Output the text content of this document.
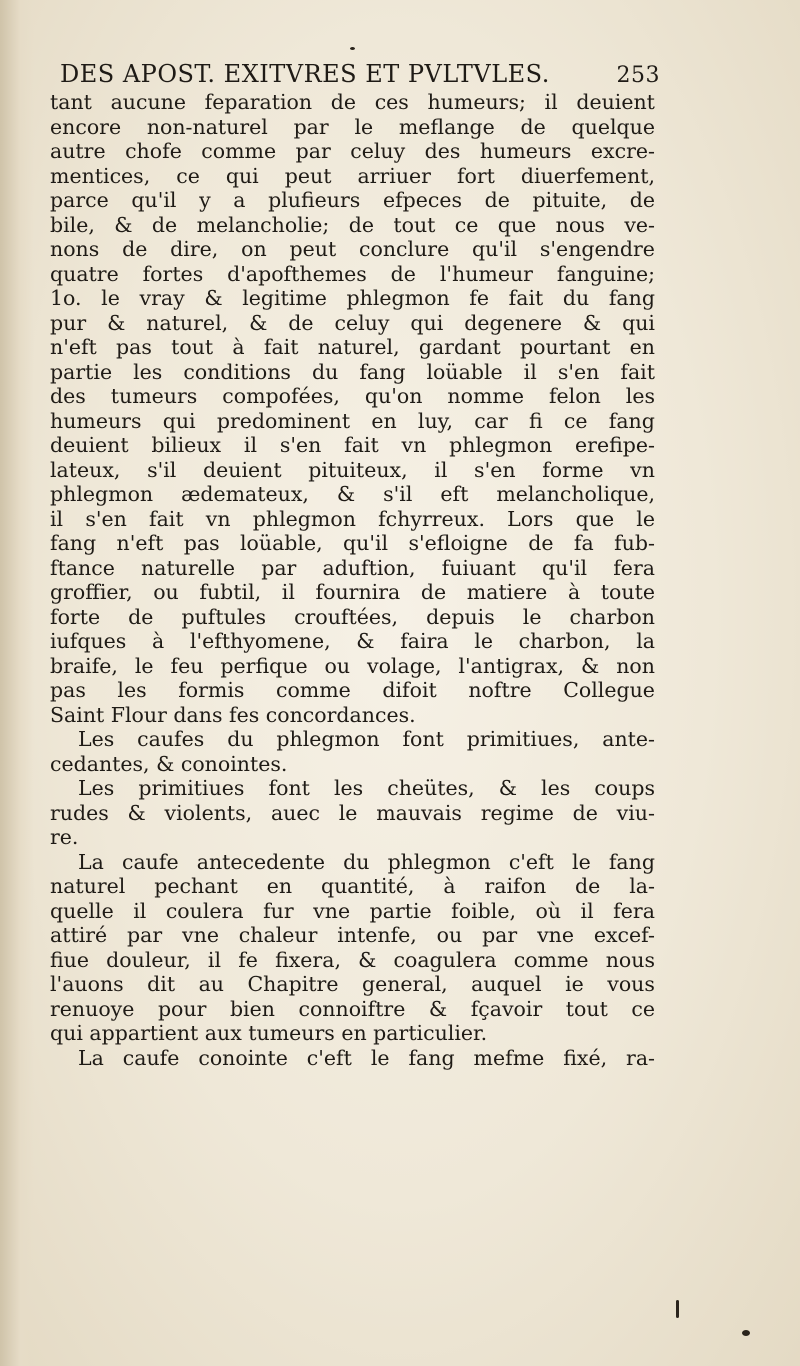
DES APOST. EXITVRES ET PVLTVLES.	253
tant aucune feparation de ces humeurs; il deuient
encore non-naturel par le meflange de quelque
autre chofe comme par celuy des humeurs excre-
mentices, ce qui peut arriuer fort diuerfement,
parce qu'il y a plufieurs efpeces de pituite, de
bile, & de melancholie; de tout ce que nous ve-
nons de dire, on peut conclure qu'il s'engendre
quatre fortes d'apofthemes de l'humeur fanguine;
1o. le vray & legitime phlegmon fe fait du fang
pur & naturel, & de celuy qui degenere & qui
n'eft pas tout à fait naturel, gardant pourtant en
partie les conditions du fang loüable il s'en fait
des tumeurs compofées, qu'on nomme felon les
humeurs qui predominent en luy, car fi ce fang
deuient bilieux il s'en fait vn phlegmon erefipe-
lateux, s'il deuient pituiteux, il s'en forme vn
phlegmon ædemateux, & s'il eft melancholique,
il s'en fait vn phlegmon fchyrreux. Lors que le
fang n'eft pas loüable, qu'il s'efloigne de fa fub-
ftance naturelle par aduftion, fuiuant qu'il fera
groffier, ou fubtil, il fournira de matiere à toute
forte de puftules crouftées, depuis le charbon
iufques à l'efthyomene, & faira le charbon, la
braife, le feu perfique ou volage, l'antigrax, & non
pas les formis comme difoit noftre Collegue
Saint Flour dans fes concordances.
Les caufes du phlegmon font primitiues, ante-
cedantes, & conointes.
Les primitiues font les cheütes, & les coups
rudes & violents, auec le mauvais regime de viu-
re.
La caufe antecedente du phlegmon c'eft le fang
naturel pechant en quantité, à raifon de la-
quelle il coulera fur vne partie foible, où il fera
attiré par vne chaleur intenfe, ou par vne excef-
fiue douleur, il fe fixera, & coagulera comme nous
l'auons dit au Chapitre general, auquel ie vous
renuoye pour bien connoiftre & fçavoir tout ce
qui appartient aux tumeurs en particulier.
La caufe conointe c'eft le fang mefme fixé, ra-
